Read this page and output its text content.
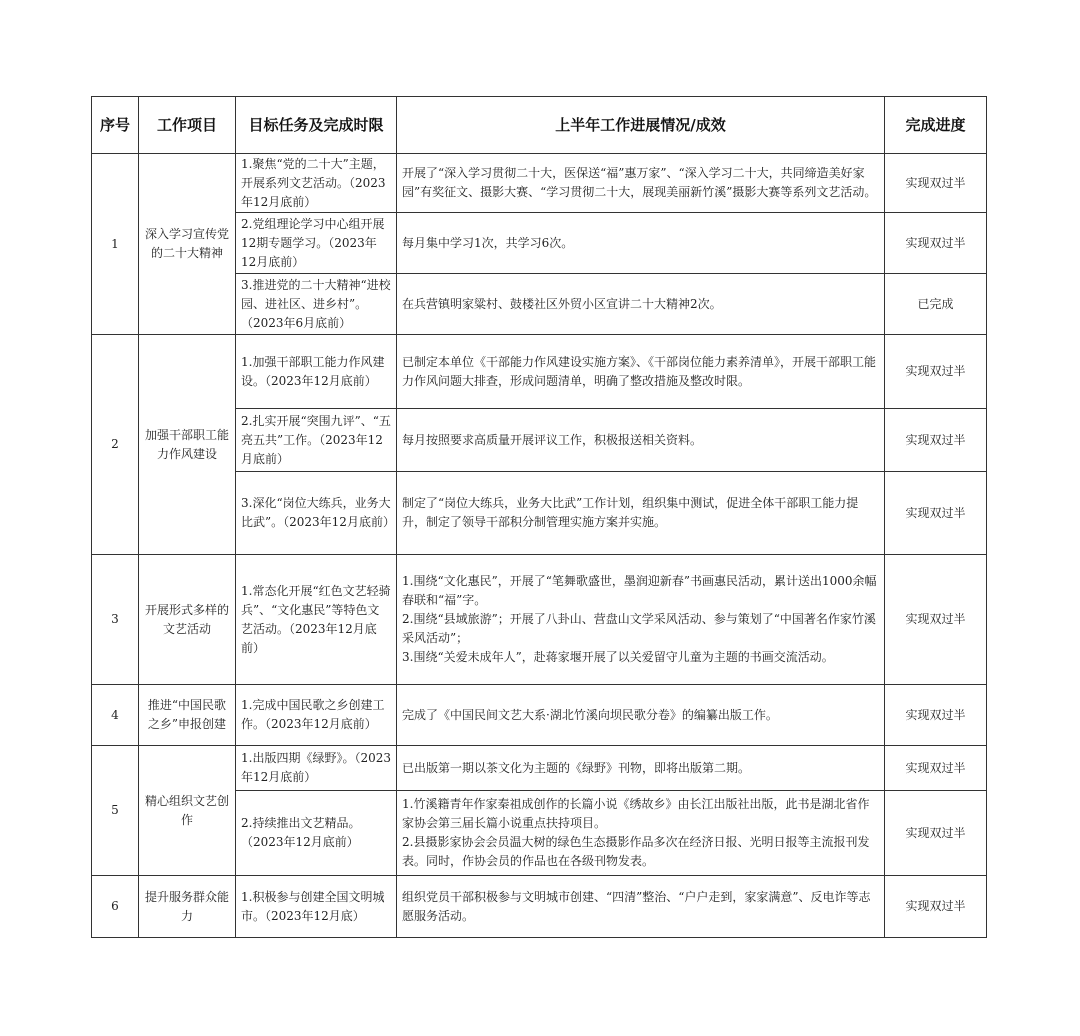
序号	工作项目	目标任务及完成时限	上半年工作进展情况/成效	完成进度
1	深入学习宣传党的二十大精神	1.聚焦“党的二十大”主题，开展系列文艺活动。（2023年12月底前）	开展了“深入学习贯彻二十大，医保送“福”惠万家”、“深入学习二十大，共同缔造美好家园”有奖征文、摄影大赛、“学习贯彻二十大，展现美丽新竹溪”摄影大赛等系列文艺活动。	实现双过半
		2.党组理论学习中心组开展12期专题学习。（2023年12月底前）	每月集中学习1次，共学习6次。	实现双过半
		3.推进党的二十大精神“进校园、进社区、进乡村”。（2023年6月底前）	在兵营镇明家粱村、鼓楼社区外贸小区宣讲二十大精神2次。	已完成
2	加强干部职工能力作风建设	1.加强干部职工能力作风建设。（2023年12月底前）	已制定本单位《干部能力作风建设实施方案》、《干部岗位能力素养清单》，开展干部职工能力作风问题大排查，形成问题清单，明确了整改措施及整改时限。	实现双过半
		2.扎实开展“突围九评”、“五亮五共”工作。（2023年12月底前）	每月按照要求高质量开展评议工作，积极报送相关资料。	实现双过半
		3.深化“岗位大练兵，业务大比武”。（2023年12月底前）	制定了“岗位大练兵，业务大比武”工作计划，组织集中测试，促进全体干部职工能力提升，制定了领导干部积分制管理实施方案并实施。	实现双过半
3	开展形式多样的文艺活动	1.常态化开展“红色文艺轻骑兵”、“文化惠民”等特色文艺活动。（2023年12月底前）	1.围绕“文化惠民”，开展了“笔舞歌盛世，墨润迎新春”书画惠民活动，累计送出1000余幅春联和“福”字。
2.围绕“县域旅游”；开展了八卦山、营盘山文学采风活动、参与策划了“中国著名作家竹溪采风活动”；
3.围绕“关爱未成年人”，赴蒋家堰开展了以关爱留守儿童为主题的书画交流活动。	实现双过半
4	推进“中国民歌之乡”申报创建	1.完成中国民歌之乡创建工作。（2023年12月底前）	完成了《中国民间文艺大系·湖北竹溪向坝民歌分卷》的编纂出版工作。	实现双过半
5	精心组织文艺创作	1.出版四期《绿野》。（2023年12月底前）	已出版第一期以茶文化为主题的《绿野》刊物，即将出版第二期。	实现双过半
		2.持续推出文艺精品。（2023年12月底前）	1.竹溪籍青年作家秦祖成创作的长篇小说《绣故乡》由长江出版社出版，此书是湖北省作家协会第三届长篇小说重点扶持项目。
2.县摄影家协会会员温大树的绿色生态摄影作品多次在经济日报、光明日报等主流报刊发表。同时，作协会员的作品也在各级刊物发表。	实现双过半
6	提升服务群众能力	1.积极参与创建全国文明城市。（2023年12月底）	组织党员干部积极参与文明城市创建、“四清”整治、“户户走到，家家满意”、反电诈等志愿服务活动。	实现双过半
